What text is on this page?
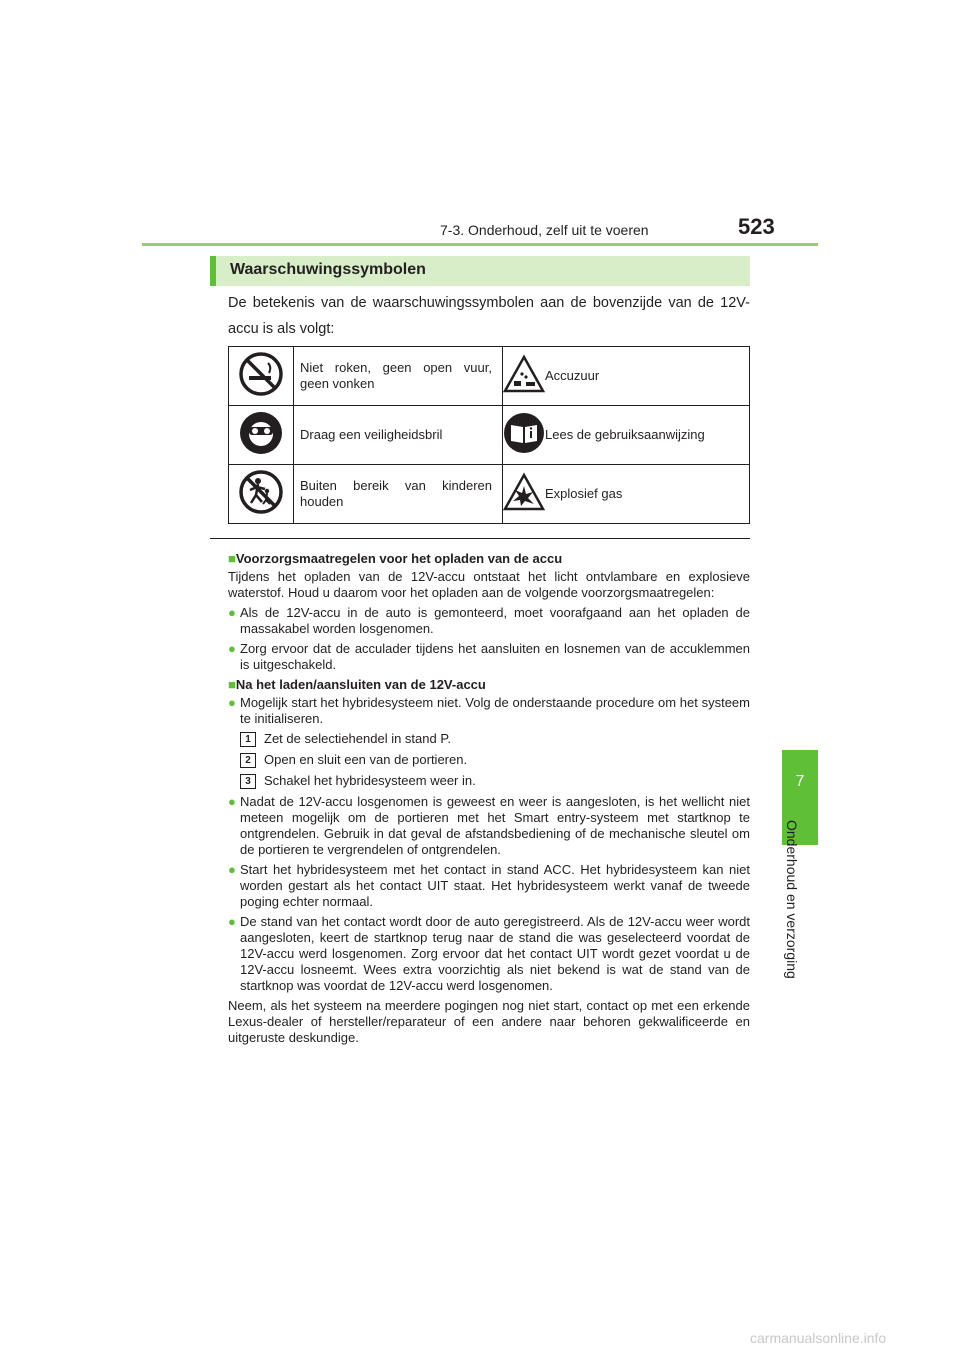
7-3. Onderhoud, zelf uit te voeren	523
7
Onderhoud en verzorging
Waarschuwingssymbolen
De betekenis van de waarschuwingssymbolen aan de bovenzijde van de 12V-accu is als volgt:
	Niet roken, geen open vuur, geen vonken		Accuzuur
	Draag een veiligheidsbril		Lees de gebruiksaanwijzing
	Buiten bereik van kinderen houden		Explosief gas
■Voorzorgsmaatregelen voor het opladen van de accu
Tijdens het opladen van de 12V-accu ontstaat het licht ontvlambare en explosieve waterstof. Houd u daarom voor het opladen aan de volgende voorzorgsmaatregelen:
● Als de 12V-accu in de auto is gemonteerd, moet voorafgaand aan het opladen de massakabel worden losgenomen.
● Zorg ervoor dat de acculader tijdens het aansluiten en losnemen van de accuklemmen is uitgeschakeld.
■Na het laden/aansluiten van de 12V-accu
● Mogelijk start het hybridesysteem niet. Volg de onderstaande procedure om het systeem te initialiseren.
1	Zet de selectiehendel in stand P.
2	Open en sluit een van de portieren.
3	Schakel het hybridesysteem weer in.
● Nadat de 12V-accu losgenomen is geweest en weer is aangesloten, is het wellicht niet meteen mogelijk om de portieren met het Smart entry-systeem met startknop te ontgrendelen. Gebruik in dat geval de afstandsbediening of de mechanische sleutel om de portieren te vergrendelen of ontgrendelen.
● Start het hybridesysteem met het contact in stand ACC. Het hybridesysteem kan niet worden gestart als het contact UIT staat. Het hybridesysteem werkt vanaf de tweede poging echter normaal.
● De stand van het contact wordt door de auto geregistreerd. Als de 12V-accu weer wordt aangesloten, keert de startknop terug naar de stand die was geselecteerd voordat de 12V-accu werd losgenomen. Zorg ervoor dat het contact UIT wordt gezet voordat u de 12V-accu losneemt. Wees extra voorzichtig als niet bekend is wat de stand van de startknop was voordat de 12V-accu werd losgenomen.
Neem, als het systeem na meerdere pogingen nog niet start, contact op met een erkende Lexus-dealer of hersteller/reparateur of een andere naar behoren gekwalificeerde en uitgeruste deskundige.
carmanualsonline.info
